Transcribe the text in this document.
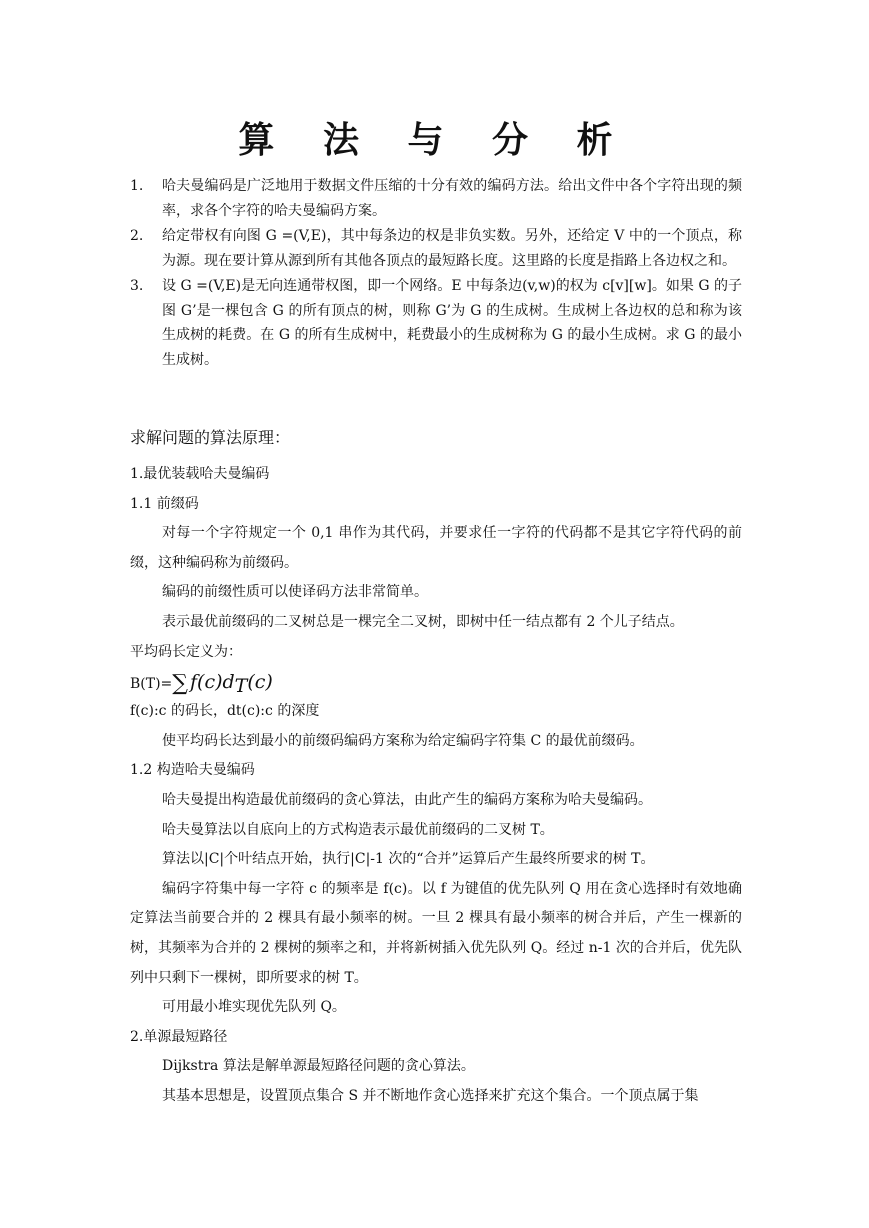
算 法 与 分 析
1. 哈夫曼编码是广泛地用于数据文件压缩的十分有效的编码方法。给出文件中各个字符出现的频率，求各个字符的哈夫曼编码方案。
2. 给定带权有向图 G =(V,E)，其中每条边的权是非负实数。另外，还给定 V 中的一个顶点，称为源。现在要计算从源到所有其他各顶点的最短路长度。这里路的长度是指路上各边权之和。
3. 设 G =(V,E)是无向连通带权图，即一个网络。E 中每条边(v,w)的权为 c[v][w]。如果 G 的子图 G’是一棵包含 G 的所有顶点的树，则称 G’为 G 的生成树。生成树上各边权的总和称为该生成树的耗费。在 G 的所有生成树中，耗费最小的生成树称为 G 的最小生成树。求 G 的最小生成树。
求解问题的算法原理：

1.最优装载哈夫曼编码

1.1 前缀码

对每一个字符规定一个 0,1 串作为其代码，并要求任一字符的代码都不是其它字符代码的前缀，这种编码称为前缀码。

编码的前缀性质可以使译码方法非常简单。

表示最优前缀码的二叉树总是一棵完全二叉树，即树中任一结点都有 2 个儿子结点。

平均码长定义为：

B(T)=∑ $f(c)d_T(c)$

f(c):c 的码长，dt(c):c 的深度

使平均码长达到最小的前缀码编码方案称为给定编码字符集 C 的最优前缀码。

1.2 构造哈夫曼编码

哈夫曼提出构造最优前缀码的贪心算法，由此产生的编码方案称为哈夫曼编码。

哈夫曼算法以自底向上的方式构造表示最优前缀码的二叉树 T。

算法以|C|个叶结点开始，执行|C|-1 次的“合并”运算后产生最终所要求的树 T。

编码字符集中每一字符 c 的频率是 f(c)。以 f 为键值的优先队列 Q 用在贪心选择时有效地确定算法当前要合并的 2 棵具有最小频率的树。一旦 2 棵具有最小频率的树合并后，产生一棵新的树，其频率为合并的 2 棵树的频率之和，并将新树插入优先队列 Q。经过 n-1 次的合并后，优先队列中只剩下一棵树，即所要求的树 T。

可用最小堆实现优先队列 Q。

2.单源最短路径

Dijkstra 算法是解单源最短路径问题的贪心算法。

其基本思想是，设置顶点集合 S 并不断地作贪心选择来扩充这个集合。一个顶点属于集
